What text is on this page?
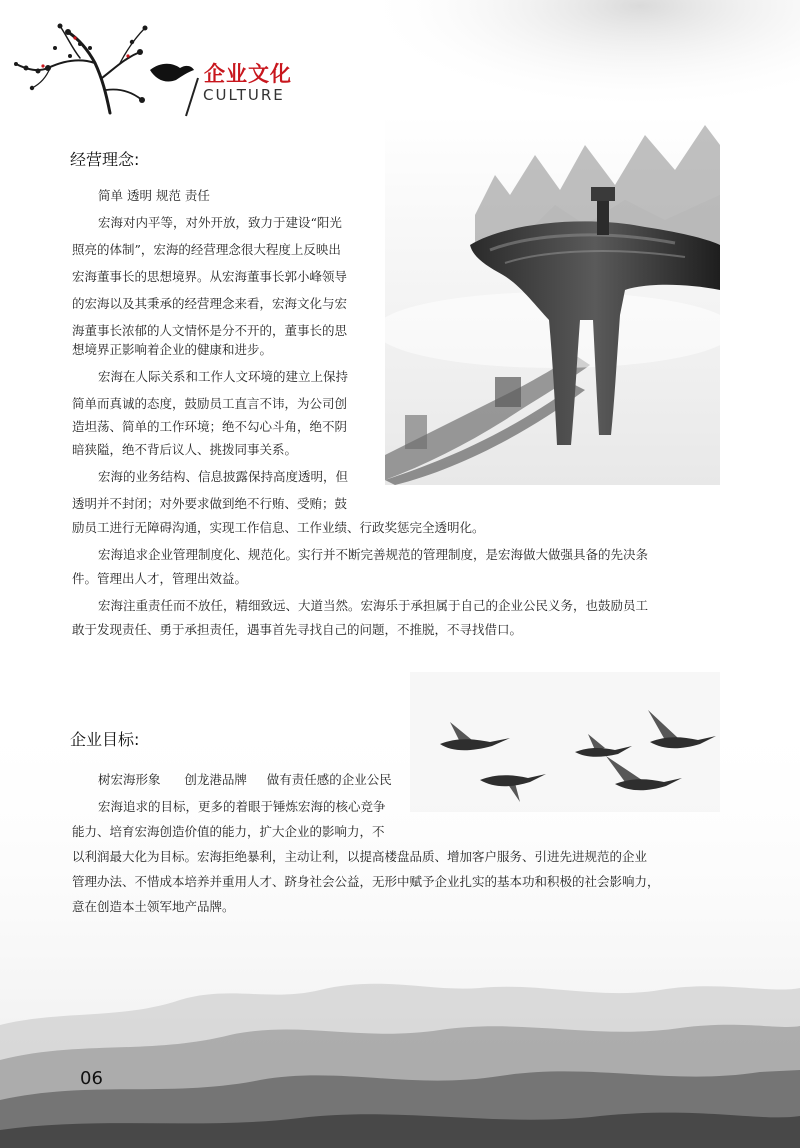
企业文化
CULTURE
经营理念:
简单 透明 规范 责任
宏海对内平等，对外开放，致力于建设“阳光
照亮的体制”，宏海的经营理念很大程度上反映出
宏海董事长的思想境界。从宏海董事长郭小峰领导
的宏海以及其秉承的经营理念来看，宏海文化与宏
海董事长浓郁的人文情怀是分不开的，董事长的思
想境界正影响着企业的健康和进步。
宏海在人际关系和工作人文环境的建立上保持
简单而真诚的态度，鼓励员工直言不讳，为公司创
造坦荡、简单的工作环境；绝不勾心斗角，绝不阴
暗狭隘，绝不背后议人、挑拨同事关系。
宏海的业务结构、信息披露保持高度透明，但
透明并不封闭；对外要求做到绝不行贿、受贿；鼓
励员工进行无障碍沟通，实现工作信息、工作业绩、行政奖惩完全透明化。
宏海追求企业管理制度化、规范化。实行并不断完善规范的管理制度，是宏海做大做强具备的先决条
件。管理出人才，管理出效益。
宏海注重责任而不放任，精细致远、大道当然。宏海乐于承担属于自己的企业公民义务，也鼓励员工
敢于发现责任、勇于承担责任，遇事首先寻找自己的问题，不推脱，不寻找借口。
企业目标:
树宏海形象      创龙港品牌     做有责任感的企业公民
宏海追求的目标，更多的着眼于锤炼宏海的核心竞争
能力、培育宏海创造价值的能力，扩大企业的影响力，不
以利润最大化为目标。宏海拒绝暴利，主动让利，以提高楼盘品质、增加客户服务、引进先进规范的企业
管理办法、不惜成本培养并重用人才、跻身社会公益，无形中赋予企业扎实的基本功和积极的社会影响力，
意在创造本土领军地产品牌。
06
